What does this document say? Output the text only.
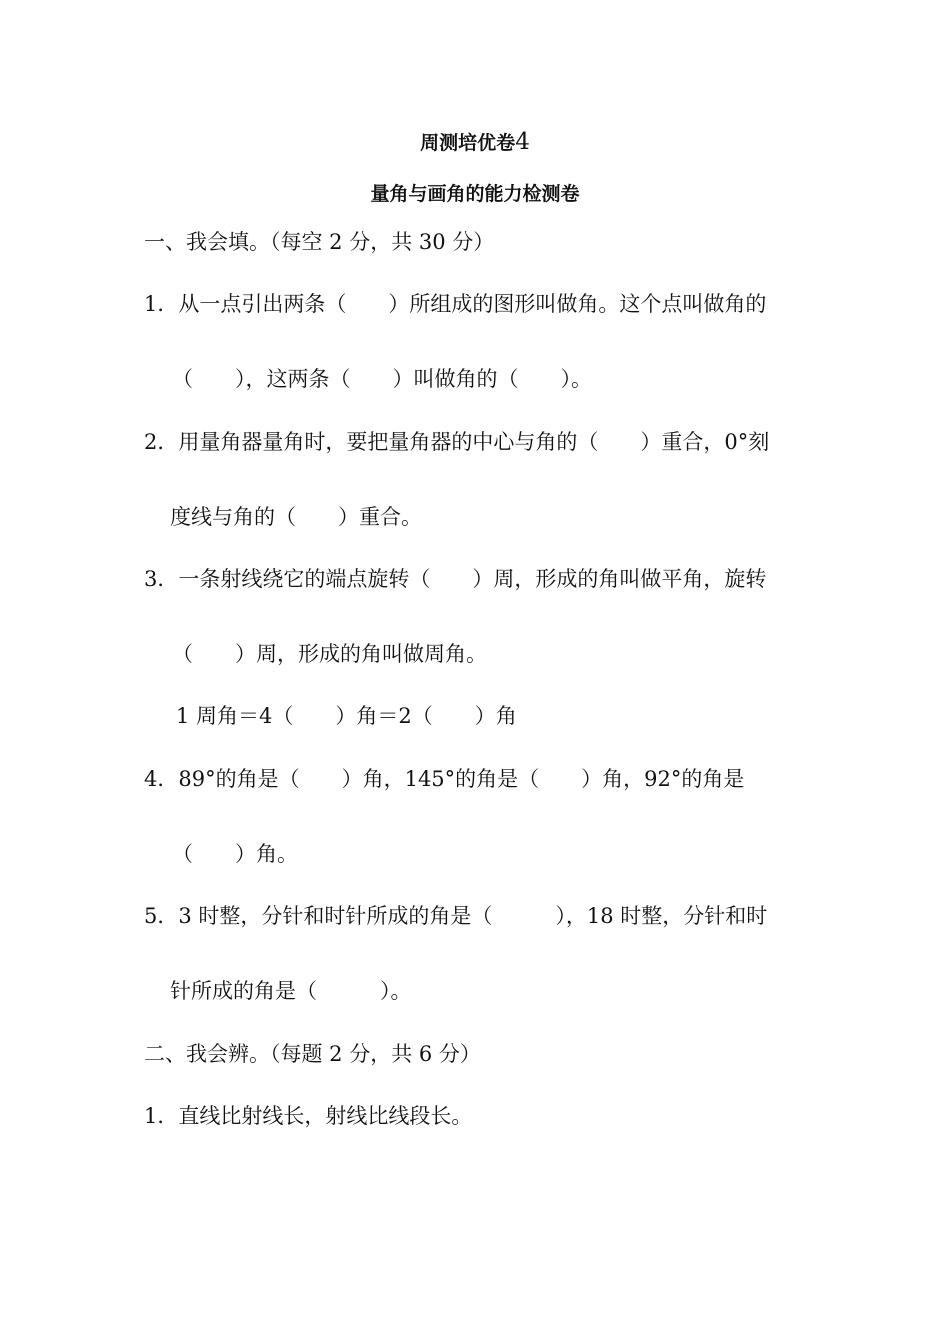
周测培优卷4
量角与画角的能力检测卷
一、我会填。（每空 2 分，共 30 分）
1．从一点引出两条（　　）所组成的图形叫做角。这个点叫做角的
（　　），这两条（　　）叫做角的（　　）。
2．用量角器量角时，要把量角器的中心与角的（　　）重合，0°刻
度线与角的（　　）重合。
3．一条射线绕它的端点旋转（　　）周，形成的角叫做平角，旋转
（　　）周，形成的角叫做周角。
1 周角＝4（　　）角＝2（　　）角
4．89°的角是（　　）角，145°的角是（　　）角，92°的角是
（　　）角。
5．3 时整，分针和时针所成的角是（　　　），18 时整，分针和时
针所成的角是（　　　）。
二、我会辨。（每题 2 分，共 6 分）
1．直线比射线长，射线比线段长。
